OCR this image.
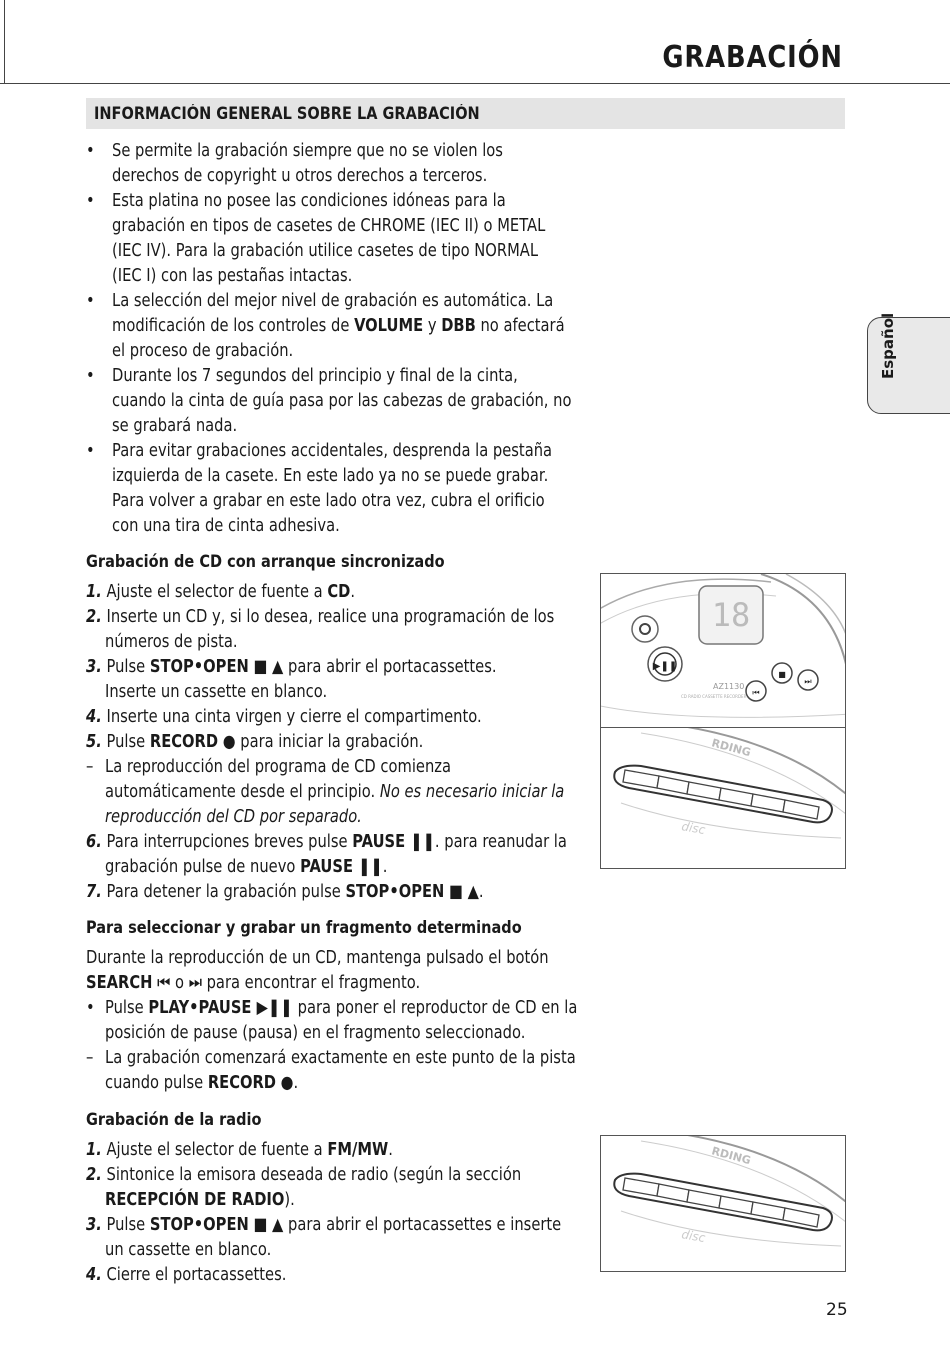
GRABACIÓN
Español
INFORMACIÓN GENERAL SOBRE LA GRABACIÓN
• Se permite la grabación siempre que no se violen los
derechos de copyright u otros derechos a terceros.
• Esta platina no posee las condiciones idóneas para la
grabación en tipos de casetes de CHROME (IEC II) o METAL
(IEC IV). Para la grabación utilice casetes de tipo NORMAL
(IEC I) con las pestañas intactas.
• La selección del mejor nivel de grabación es automática. La
modificación de los controles de VOLUME y DBB no afectará
el proceso de grabación.
• Durante los 7 segundos del principio y final de la cinta,
cuando la cinta de guía pasa por las cabezas de grabación, no
se grabará nada.
• Para evitar grabaciones accidentales, desprenda la pestaña
izquierda de la casete. En este lado ya no se puede grabar.
Para volver a grabar en este lado otra vez, cubra el orificio
con una tira de cinta adhesiva.
Grabación de CD con arranque sincronizado
1. Ajuste el selector de fuente a CD.
2. Inserte un CD y, si lo desea, realice una programación de los
números de pista.
3. Pulse STOP•OPEN ■ ▲ para abrir el portacassettes.
Inserte un cassette en blanco.
4. Inserte una cinta virgen y cierre el compartimento.
5. Pulse RECORD ● para iniciar la grabación.
– La reproducción del programa de CD comienza
automáticamente desde el principio. No es necesario iniciar la
reproducción del CD por separado.
6. Para interrupciones breves pulse PAUSE ❚❚. para reanudar la
grabación pulse de nuevo PAUSE ❚❚.
7. Para detener la grabación pulse STOP•OPEN ■ ▲.
Para seleccionar y grabar un fragmento determinado
Durante la reproducción de un CD, mantenga pulsado el botón
SEARCH ⏮ o ⏭ para encontrar el fragmento.
• Pulse PLAY•PAUSE ▶❚❚ para poner el reproductor de CD en la
posición de pause (pausa) en el fragmento seleccionado.
– La grabación comenzará exactamente en este punto de la pista
cuando pulse RECORD ●.
Grabación de la radio
1. Ajuste el selector de fuente a FM/MW.
2. Sintonice la emisora deseada de radio (según la sección
RECEPCIÓN DE RADIO).
3. Pulse STOP•OPEN ■ ▲ para abrir el portacassettes e inserte
un cassette en blanco.
4. Cierre el portacassettes.
18
▶❚❚
■
⏭
⏮
AZ1130
CD RADIO CASSETTE RECORDER
RDING
disc
RDING
disc
25
